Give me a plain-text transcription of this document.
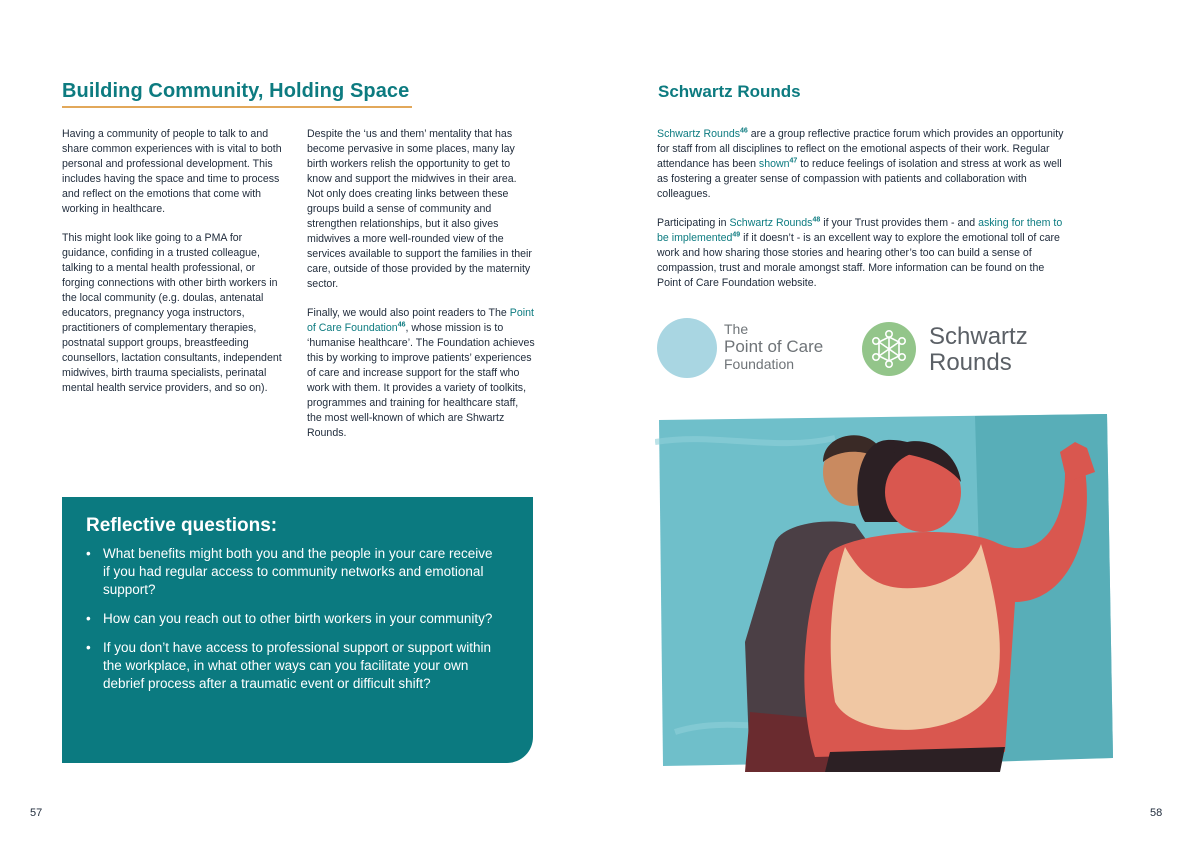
Building Community, Holding Space

Having a community of people to talk to and share common experiences with is vital to both personal and professional development. This includes having the space and time to process and reflect on the emotions that come with working in healthcare.

This might look like going to a PMA for guidance, confiding in a trusted colleague, talking to a mental health professional, or forging connections with other birth workers in the local community (e.g. doulas, antenatal educators, pregnancy yoga instructors, practitioners of complementary therapies, postnatal support groups, breastfeeding counsellors, lactation consultants, independent midwives, birth trauma specialists, perinatal mental health service providers, and so on).

Despite the ‘us and them’ mentality that has become pervasive in some places, many lay birth workers relish the opportunity to get to know and support the midwives in their area. Not only does creating links between these groups build a sense of community and strengthen relationships, but it also gives midwives a more well-rounded view of the services available to support the families in their care, outside of those provided by the maternity sector.

Finally, we would also point readers to The Point of Care Foundation$^{46}$, whose mission is to ‘humanise healthcare’. The Foundation achieves this by working to improve patients’ experiences of care and increase support for the staff who work with them. It provides a variety of toolkits, programmes and training for healthcare staff, the most well-known of which are Shwartz Rounds.

Reflective questions:
• What benefits might both you and the people in your care receive if you had regular access to community networks and emotional support?
• How can you reach out to other birth workers in your community?
• If you don’t have access to professional support or support within the workplace, in what other ways can you facilitate your own debrief process after a traumatic event or difficult shift?
57
Schwartz Rounds

Schwartz Rounds$^{46}$ are a group reflective practice forum which provides an opportunity for staff from all disciplines to reflect on the emotional aspects of their work. Regular attendance has been shown$^{47}$ to reduce feelings of isolation and stress at work as well as fostering a greater sense of compassion with patients and collaboration with colleagues.

Participating in Schwartz Rounds$^{48}$ if your Trust provides them - and asking for them to be implemented$^{49}$ if it doesn’t - is an excellent way to explore the emotional toll of care work and how sharing those stories and hearing other’s too can build a sense of compassion, trust and morale amongst staff. More information can be found on the Point of Care Foundation website.

The
Point of Care
Foundation
Schwartz
Rounds
58
